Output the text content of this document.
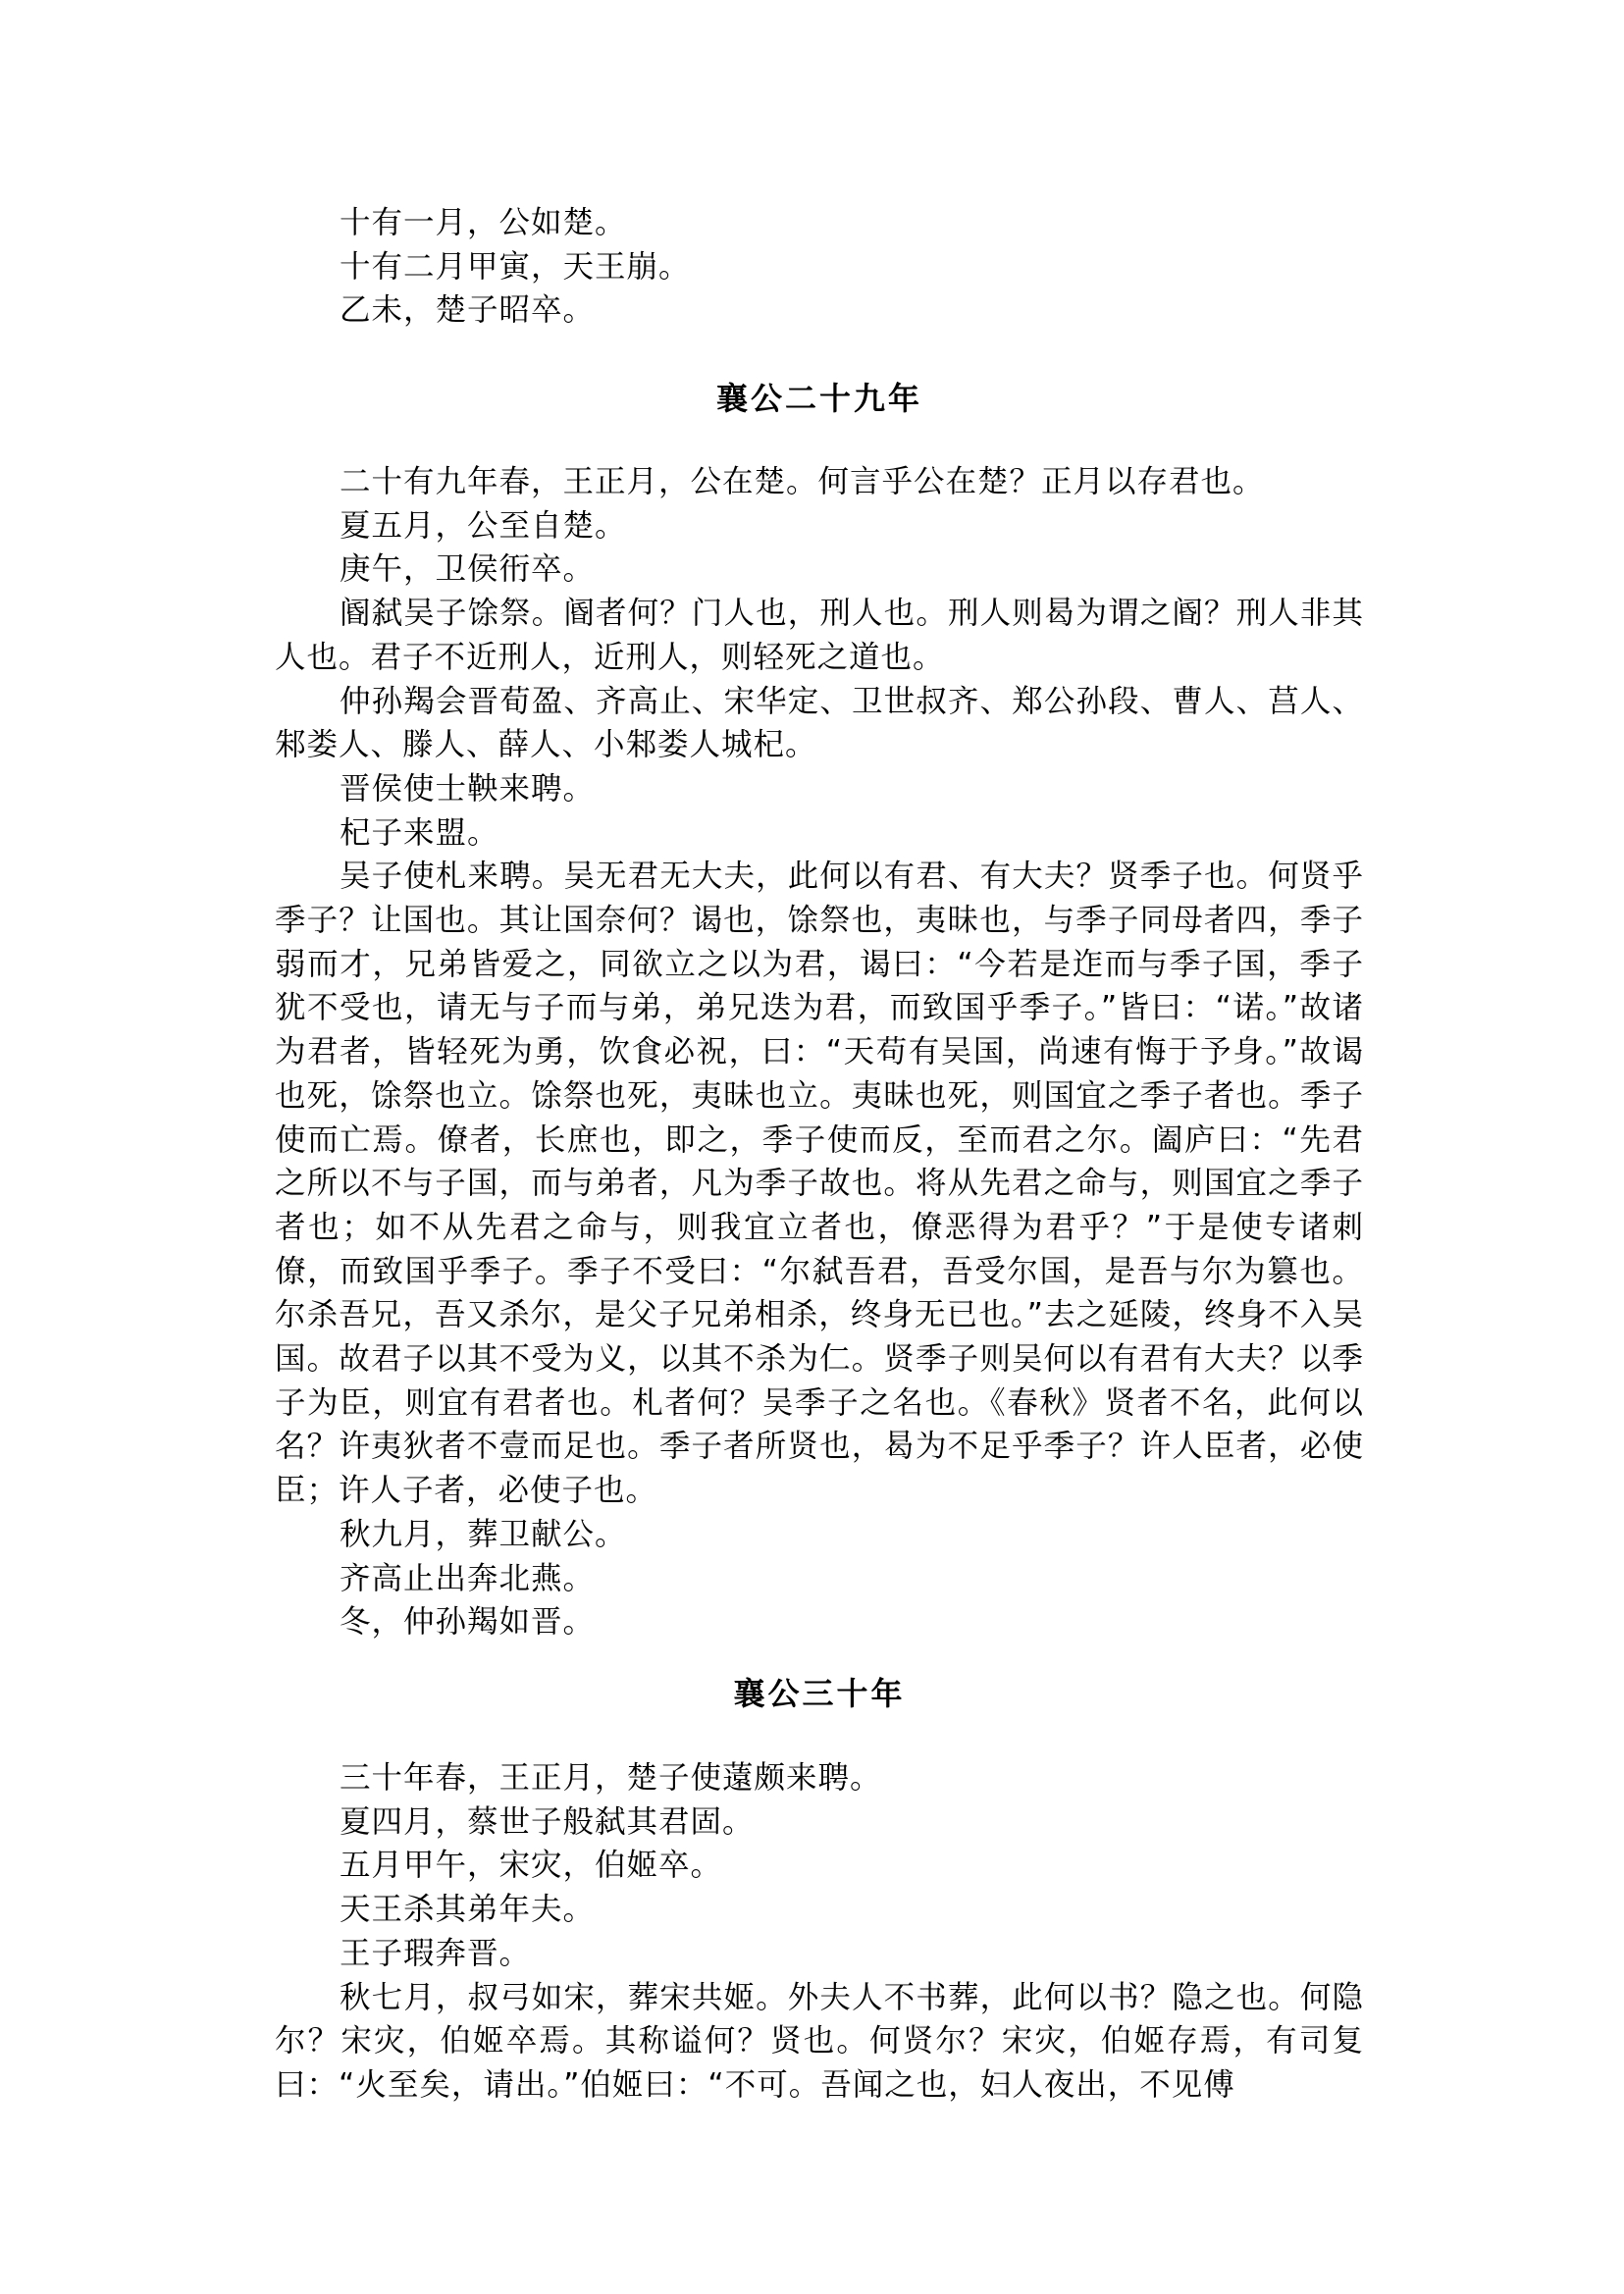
十有一月，公如楚。

十有二月甲寅，天王崩。

乙未，楚子昭卒。

襄公二十九年

二十有九年春，王正月，公在楚。何言乎公在楚？正月以存君也。

夏五月，公至自楚。

庚午，卫侯衎卒。

阍弑吴子馀祭。阍者何？门人也，刑人也。刑人则曷为谓之阍？刑人非其人也。君子不近刑人，近刑人，则轻死之道也。

仲孙羯会晋荀盈、齐高止、宋华定、卫世叔齐、郑公孙段、曹人、莒人、邾娄人、滕人、薛人、小邾娄人城杞。

晋侯使士鞅来聘。

杞子来盟。

吴子使札来聘。吴无君无大夫，此何以有君、有大夫？贤季子也。何贤乎季子？让国也。其让国奈何？谒也，馀祭也，夷昧也，与季子同母者四，季子弱而才，兄弟皆爱之，同欲立之以为君，谒曰：“今若是迮而与季子国，季子犹不受也，请无与子而与弟，弟兄迭为君，而致国乎季子。”皆曰：“诺。”故诸为君者，皆轻死为勇，饮食必祝，曰：“天苟有吴国，尚速有悔于予身。”故谒也死，馀祭也立。馀祭也死，夷昧也立。夷昧也死，则国宜之季子者也。季子使而亡焉。僚者，长庶也，即之，季子使而反，至而君之尔。阖庐曰：“先君之所以不与子国，而与弟者，凡为季子故也。将从先君之命与，则国宜之季子者也；如不从先君之命与，则我宜立者也，僚恶得为君乎？”于是使专诸刺僚，而致国乎季子。季子不受曰：“尔弑吾君，吾受尔国，是吾与尔为篡也。尔杀吾兄，吾又杀尔，是父子兄弟相杀，终身无已也。”去之延陵，终身不入吴国。故君子以其不受为义，以其不杀为仁。贤季子则吴何以有君有大夫？以季子为臣，则宜有君者也。札者何？吴季子之名也。《春秋》贤者不名，此何以名？许夷狄者不壹而足也。季子者所贤也，曷为不足乎季子？许人臣者，必使臣；许人子者，必使子也。

秋九月，葬卫献公。

齐高止出奔北燕。

冬，仲孙羯如晋。

襄公三十年

三十年春，王正月，楚子使薳颇来聘。

夏四月，蔡世子般弑其君固。

五月甲午，宋灾，伯姬卒。

天王杀其弟年夫。

王子瑕奔晋。

秋七月，叔弓如宋，葬宋共姬。外夫人不书葬，此何以书？隐之也。何隐尔？宋灾，伯姬卒焉。其称谥何？贤也。何贤尔？宋灾，伯姬存焉，有司复曰：“火至矣，请出。”伯姬曰：“不可。吾闻之也，妇人夜出，不见傅
